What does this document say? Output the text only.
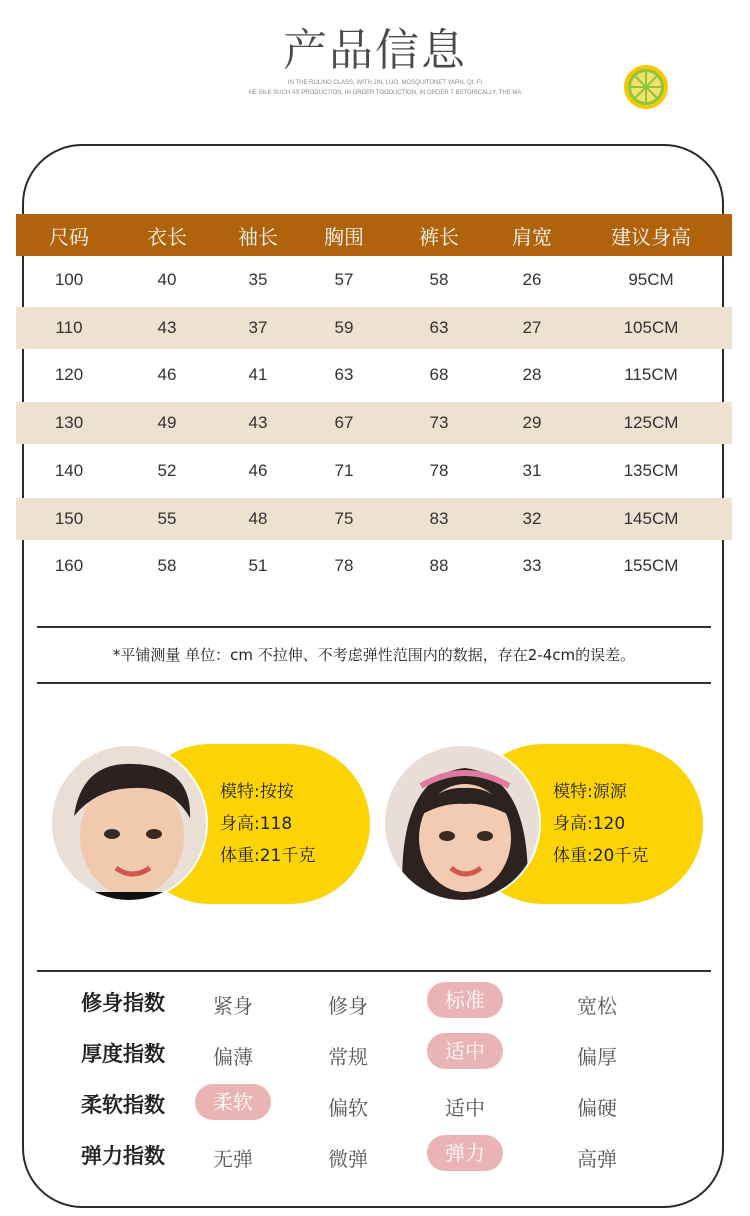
产品信息
IN THE RULING CLASS, WITH JIN, LUO, MOSQUITONET YARN, QI, FI
NE SILK SUCH AS PRODUCTION, IN ORDER TOODUCTION, IN ORDER T BSTORICALLY, THE MA
尺码	衣长	袖长	胸围	裤长	肩宽	建议身高
100	40	35	57	58	26	95CM
110	43	37	59	63	27	105CM
120	46	41	63	68	28	115CM
130	49	43	67	73	29	125CM
140	52	46	71	78	31	135CM
150	55	48	75	83	32	145CM
160	58	51	78	88	33	155CM
*平铺测量 单位：cm 不拉伸、不考虑弹性范围内的数据，存在2-4cm的误差。
模特:按按
身高:118
体重:21千克
模特:源源
身高:120
体重:20千克
修身指数	紧身	修身	标准	宽松
厚度指数	偏薄	常规	适中	偏厚
柔软指数	柔软	偏软	适中	偏硬
弹力指数	无弹	微弹	弹力	高弹
